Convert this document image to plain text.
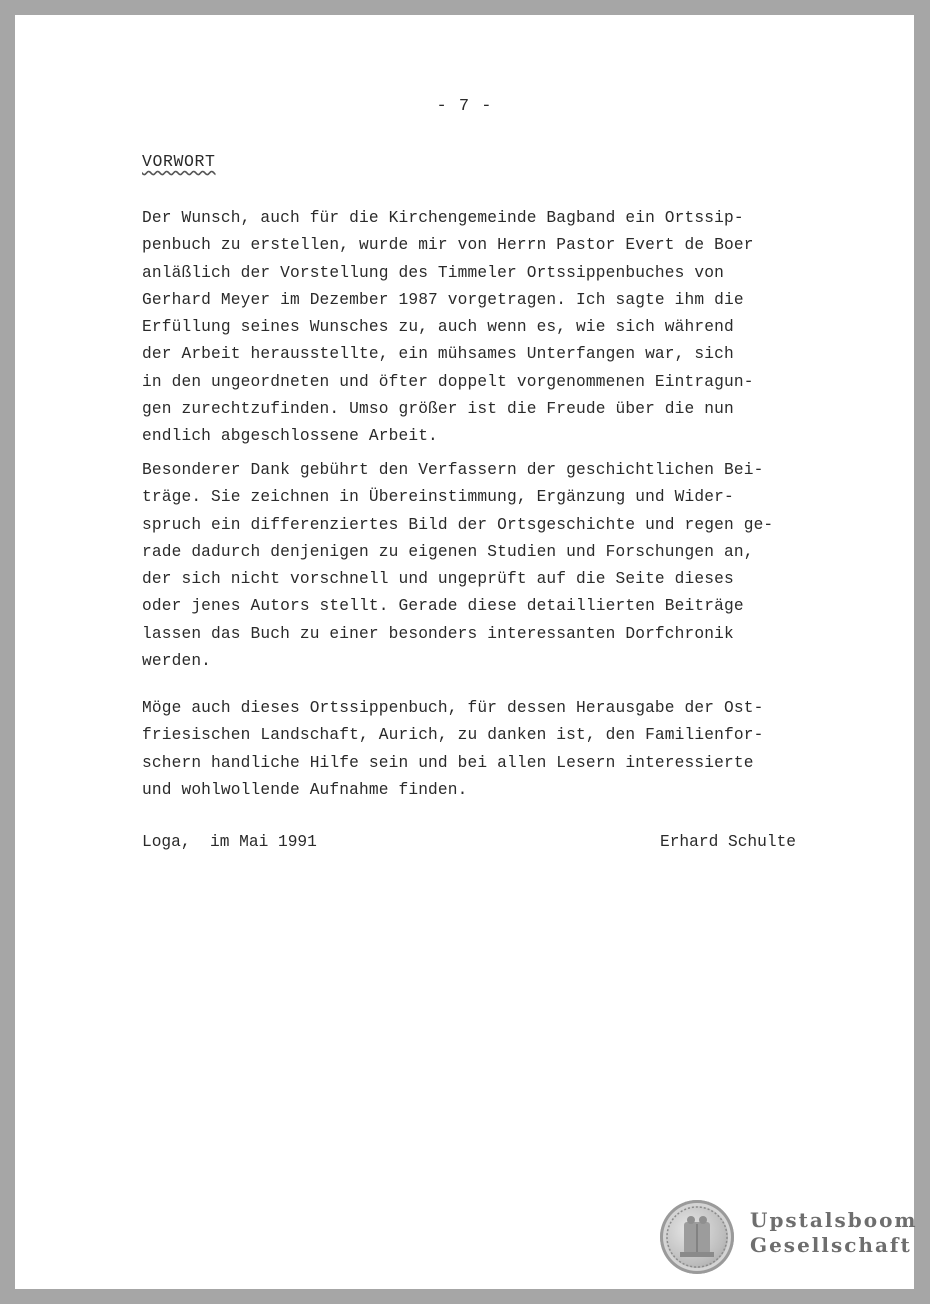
- 7 -
VORWORT

Der Wunsch, auch für die Kirchengemeinde Bagband ein Ortssip-
penbuch zu erstellen, wurde mir von Herrn Pastor Evert de Boer
anläßlich der Vorstellung des Timmeler Ortssippenbuches von
Gerhard Meyer im Dezember 1987 vorgetragen. Ich sagte ihm die
Erfüllung seines Wunsches zu, auch wenn es, wie sich während
der Arbeit herausstellte, ein mühsames Unterfangen war, sich
in den ungeordneten und öfter doppelt vorgenommenen Eintragun-
gen zurechtzufinden. Umso größer ist die Freude über die nun
endlich abgeschlossene Arbeit.

Besonderer Dank gebührt den Verfassern der geschichtlichen Bei-
träge. Sie zeichnen in Übereinstimmung, Ergänzung und Wider-
spruch ein differenziertes Bild der Ortsgeschichte und regen ge-
rade dadurch denjenigen zu eigenen Studien und Forschungen an,
der sich nicht vorschnell und ungeprüft auf die Seite dieses
oder jenes Autors stellt. Gerade diese detaillierten Beiträge
lassen das Buch zu einer besonders interessanten Dorfchronik
werden.

Möge auch dieses Ortssippenbuch, für dessen Herausgabe der Ost-
friesischen Landschaft, Aurich, zu danken ist, den Familienfor-
schern handliche Hilfe sein und bei allen Lesern interessierte
und wohlwollende Aufnahme finden.

Loga,  im Mai 1991	Erhard Schulte
Upstalsboom
Gesellschaft
